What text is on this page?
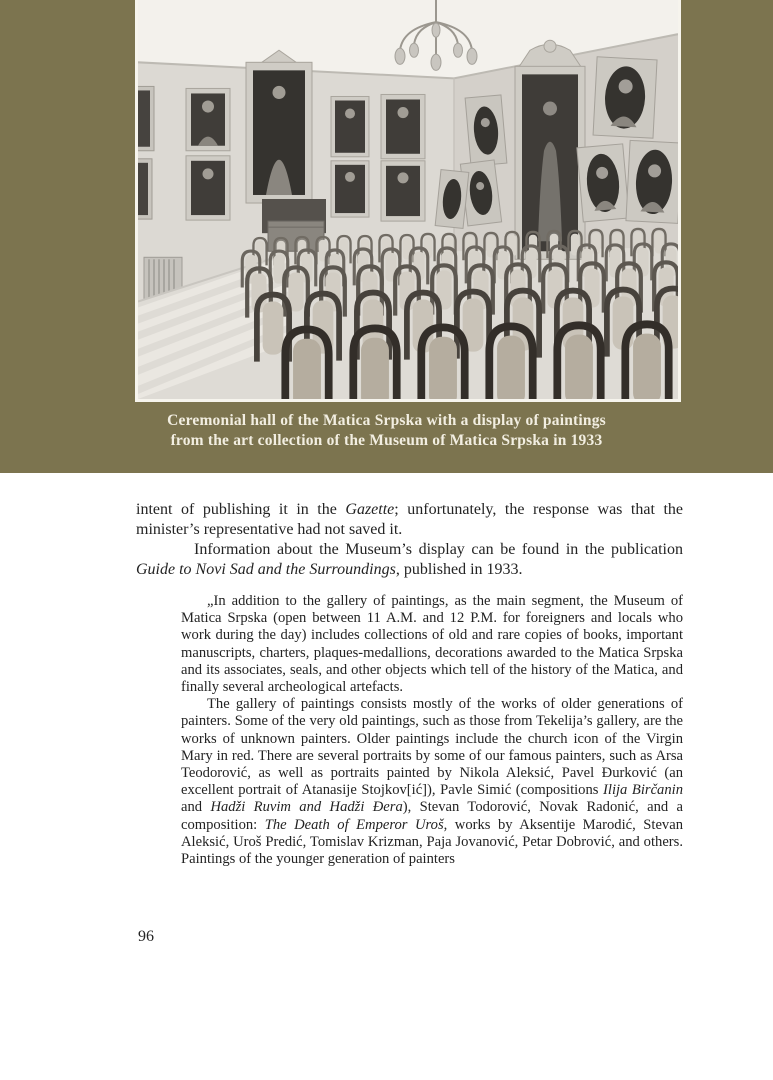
Ceremonial hall of the Matica Srpska with a display of paintings
from the art collection of the Museum of Matica Srpska in 1933

intent of publishing it in the Gazette; unfortunately, the response was that the minister’s representative had not saved it.

Information about the Museum’s display can be found in the publication Guide to Novi Sad and the Surroundings, published in 1933.

„In addition to the gallery of paintings, as the main segment, the Museum of Matica Srpska (open between 11 A.M. and 12 P.M. for foreigners and locals who work during the day) includes collections of old and rare copies of books, important manuscripts, charters, plaques-medallions, decorations awarded to the Matica Srpska and its associates, seals, and other objects which tell of the history of the Matica, and finally several archeological artefacts.

The gallery of paintings consists mostly of the works of older generations of painters. Some of the very old paintings, such as those from Tekelija’s gallery, are the works of unknown painters. Older paintings include the church icon of the Virgin Mary in red. There are several portraits by some of our famous painters, such as Arsa Teodorović, as well as portraits painted by Nikola Aleksić, Pavel Đurković (an excellent portrait of Atanasije Stojkov[ić]), Pavle Simić (compositions Ilija Birčanin and Hadži Ruvim and Hadži Đera), Stevan Todorović, Novak Radonić, and a composition: The Death of Emperor Uroš, works by Aksentije Marodić, Stevan Aleksić, Uroš Predić, Tomislav Krizman, Paja Jovanović, Petar Dobrović, and others. Paintings of the younger generation of painters

96
